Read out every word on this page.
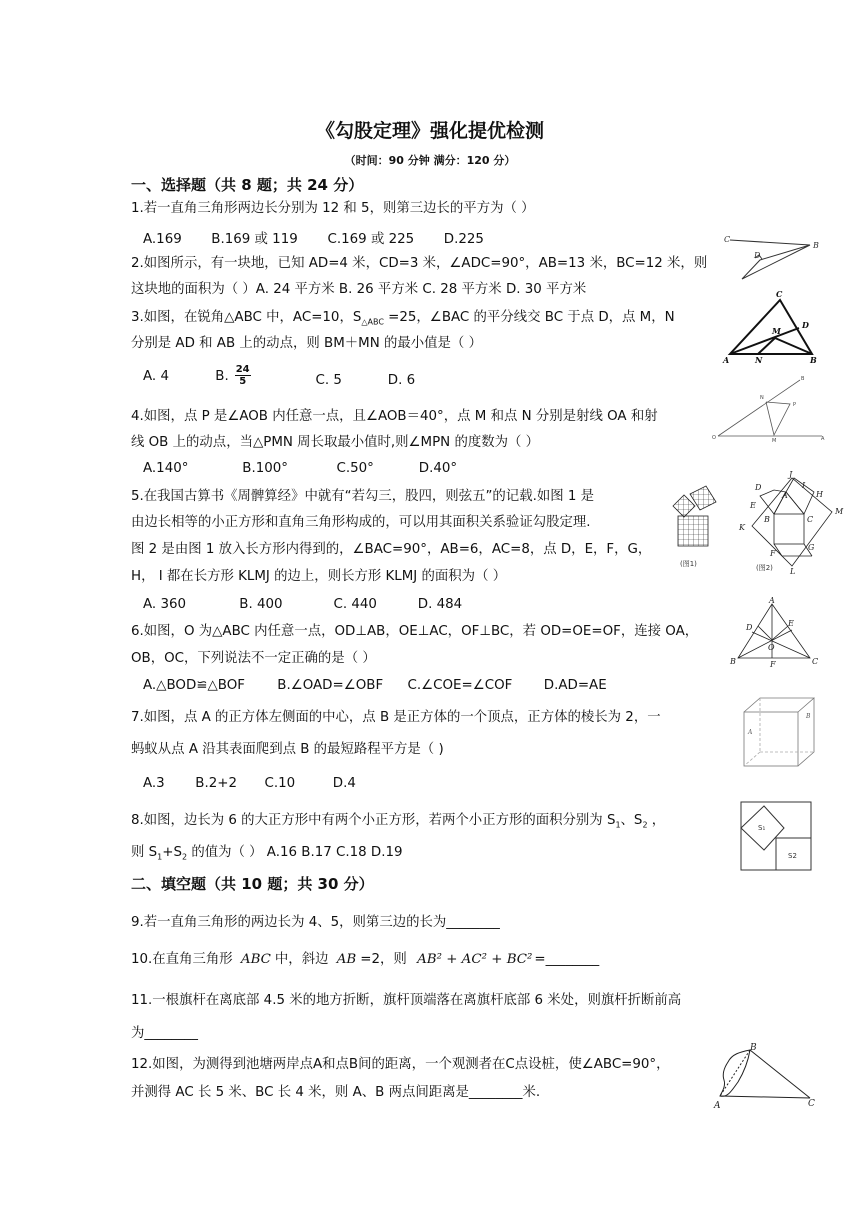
《勾股定理》强化提优检测
（时间：90 分钟 满分：120 分）
一、选择题（共 8 题；共 24 分）
1.若一直角三角形两边长分别为 12 和 5，则第三边长的平方为（ ）
A.169 B.169 或 119 C.169 或 225 D.225
2.如图所示，有一块地，已知 AD=4 米，CD=3 米，∠ADC=90°，AB=13 米，BC=12 米，则
这块地的面积为（ ）A. 24 平方米 B. 26 平方米 C. 28 平方米 D. 30 平方米
3.如图，在锐角△ABC 中，AC=10，$S_{\triangle ABC} =25$，∠BAC 的平分线交 BC 于点 D，点 M，N
分别是 AD 和 AB 上的动点，则 BM＋MN 的最小值是（ ）
A. 4	B. $\frac{24}{5}$	C. 5	D. 6
4.如图，点 P 是∠AOB 内任意一点，且∠AOB＝40°，点 M 和点 N 分别是射线 OA 和射
线 OB 上的动点，当△PMN 周长取最小值时,则∠MPN 的度数为（ ）
A.140°	B.100°	C.50°	D.40°
5.在我国古算书《周髀算经》中就有“若勾三，股四，则弦五”的记载.如图 1 是
由边长相等的小正方形和直角三角形构成的，可以用其面积关系验证勾股定理.
图 2 是由图 1 放入长方形内得到的，∠BAC=90°，AB=6，AC=8，点 D，E，F，G，
H， I 都在长方形 KLMJ 的边上，则长方形 KLMJ 的面积为（ ）
A. 360	B. 400	C. 440	D. 484
6.如图，O 为△ABC 内任意一点，OD⊥AB，OE⊥AC，OF⊥BC，若 OD=OE=OF，连接 OA，
OB，OC，下列说法不一定正确的是（ ）
A.△BOD≌△BOF B.∠OAD=∠OBF C.∠COE=∠COF D.AD=AE
7.如图，点 A 的正方体左侧面的中心，点 B 是正方体的一个顶点，正方体的棱长为 2，一
蚂蚁从点 A 沿其表面爬到点 B 的最短路程平方是（ )
A.3 B.2+2 C.10	D.4
8.如图，边长为 6 的大正方形中有两个小正方形，若两个小正方形的面积分别为 $S_1$、$S_2$ ，
则 $S_1+S_2$ 的值为（ ） A.16 B.17 C.18 D.19
二、填空题（共 10 题；共 30 分）
9.若一直角三角形的两边长为 4、5，则第三边的长为________
10.在直角三角形 ABC 中，斜边 AB =2，则 AB² + AC² + BC² =________
11.一根旗杆在离底部 4.5 米的地方折断，旗杆顶端落在离旗杆底部 6 米处，则旗杆折断前高
为________
12.如图，为测得到池塘两岸点A和点B间的距离，一个观测者在C点设桩，使∠ABC=90°，
并测得 AC 长 5 米、BC 长 4 米，则 A、B 两点间距离是________米.
C
D
B
C
M
D
A	N	B
B
N
P
O	M	A
(图1)
J
D
A	H
E
I
M
K
B	C
F
G
L
(图2)
A
D	E
O
B	F	C
B
A
S₁
S2
B
A	C
